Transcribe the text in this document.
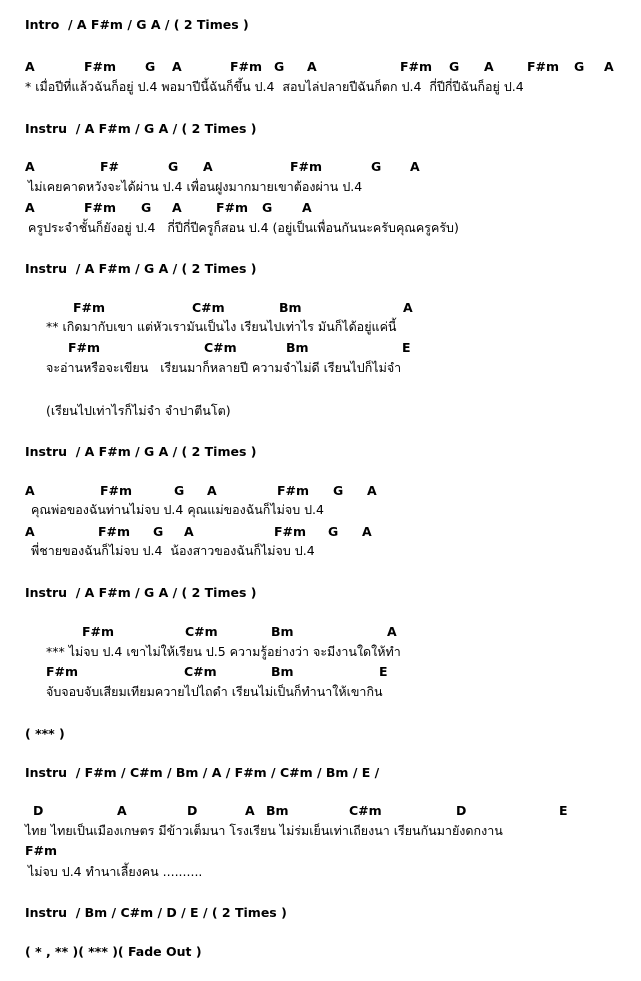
Intro  / A F#m / G A / ( 2 Times )
A	F#m G A	F#m G A	F#m G A	F#m G A
* เมื่อปีที่แล้วฉันก็อยู่ ป.4 พอมาปีนี้ฉันก็ขึ้น ป.4  สอบไล่ปลายปีฉันก็ตก ป.4  กี่ปีกี่ปีฉันก็อยู่ ป.4
Instru  / A F#m / G A / ( 2 Times )
A	F#	G A	F#m	G A
ไม่เคยคาดหวังจะได้ผ่าน ป.4 เพื่อนฝูงมากมายเขาต้องผ่าน ป.4
A	F#m G A	F#m G A
ครูประจำชั้นก็ยังอยู่ ป.4   กี่ปีกี่ปีครูก็สอน ป.4 (อยู่เป็นเพื่อนกันนะครับคุณครูครับ)
Instru  / A F#m / G A / ( 2 Times )
F#m	C#m	Bm	A
** เกิดมากับเขา แต่หัวเรามันเป็นไง เรียนไปเท่าไร มันก็ได้อยู่แค่นี้
F#m	C#m	Bm	E
จะอ่านหรือจะเขียน   เรียนมาก็หลายปี ความจำไม่ดี เรียนไปก็ไม่จำ
(เรียนไปเท่าไรก็ไม่จำ จำปาตีนโต)
Instru  / A F#m / G A / ( 2 Times )
A	F#m	G A	F#m G A
คุณพ่อของฉันท่านไม่จบ ป.4 คุณแม่ของฉันก็ไม่จบ ป.4
A	F#m G A	F#m G A
พี่ชายของฉันก็ไม่จบ ป.4  น้องสาวของฉันก็ไม่จบ ป.4
Instru  / A F#m / G A / ( 2 Times )
F#m	C#m	Bm	A
*** ไม่จบ ป.4 เขาไม่ให้เรียน ป.5 ความรู้อย่างว่า จะมีงานใดให้ทำ
F#m	C#m	Bm	E
จับจอบจับเสียมเทียมควายไปไถดำ เรียนไม่เป็นก็ทำนาให้เขากิน
( *** )
Instru  / F#m / C#m / Bm / A / F#m / C#m / Bm / E /
D	A	D	A Bm	C#m	D	E
ไทย ไทยเป็นเมืองเกษตร มีข้าวเต็มนา โรงเรียน ไม่ร่มเย็นเท่าเถียงนา เรียนกันมายังดกงาน
F#m
ไม่จบ ป.4 ทำนาเลี้ยงคน ..........
Instru  / Bm / C#m / D / E / ( 2 Times )
( * , ** )( *** )( Fade Out )
